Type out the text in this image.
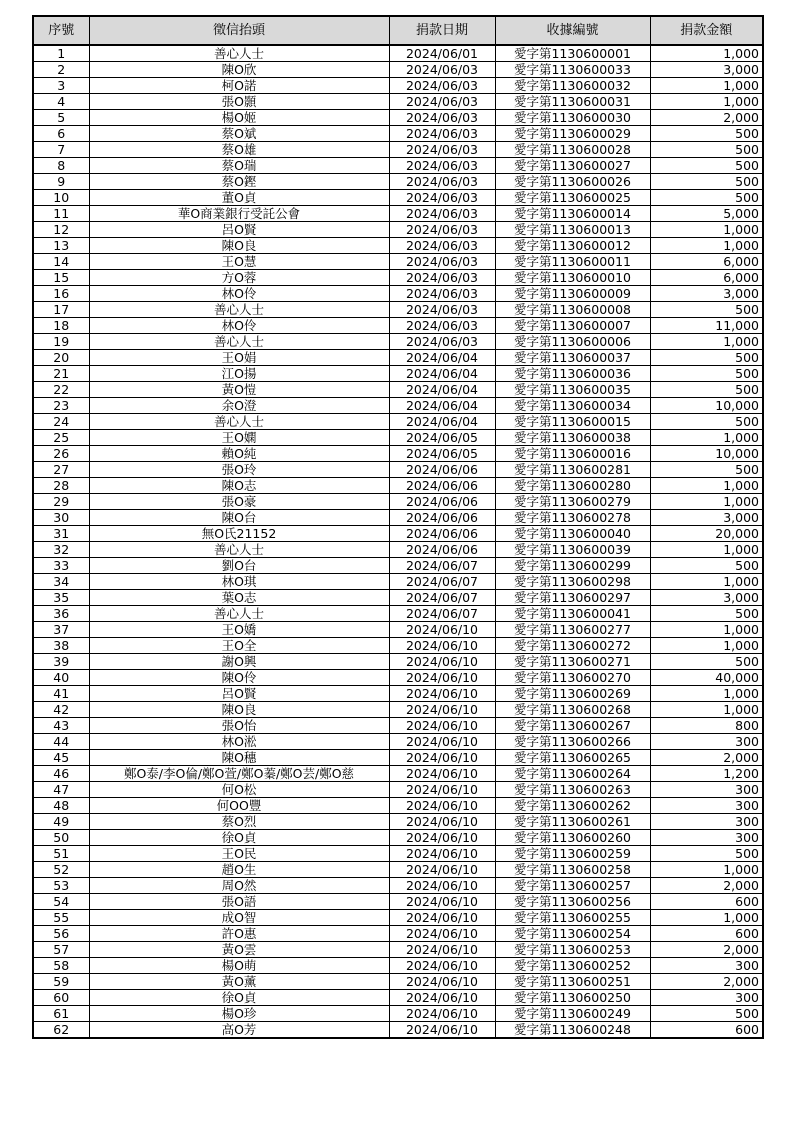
序號	徵信抬頭	捐款日期	收據編號	捐款金額
1	善心人士	2024/06/01	愛字第1130600001	1,000
2	陳O欣	2024/06/03	愛字第1130600033	3,000
3	柯O諾	2024/06/03	愛字第1130600032	1,000
4	張O顥	2024/06/03	愛字第1130600031	1,000
5	楊O姬	2024/06/03	愛字第1130600030	2,000
6	蔡O斌	2024/06/03	愛字第1130600029	500
7	蔡O雄	2024/06/03	愛字第1130600028	500
8	蔡O瑞	2024/06/03	愛字第1130600027	500
9	蔡O鏗	2024/06/03	愛字第1130600026	500
10	董O貞	2024/06/03	愛字第1130600025	500
11	華O商業銀行受託公會	2024/06/03	愛字第1130600014	5,000
12	呂O賢	2024/06/03	愛字第1130600013	1,000
13	陳O良	2024/06/03	愛字第1130600012	1,000
14	王O慧	2024/06/03	愛字第1130600011	6,000
15	方O蓉	2024/06/03	愛字第1130600010	6,000
16	林O伶	2024/06/03	愛字第1130600009	3,000
17	善心人士	2024/06/03	愛字第1130600008	500
18	林O伶	2024/06/03	愛字第1130600007	11,000
19	善心人士	2024/06/03	愛字第1130600006	1,000
20	王O娟	2024/06/04	愛字第1130600037	500
21	江O揚	2024/06/04	愛字第1130600036	500
22	黃O愷	2024/06/04	愛字第1130600035	500
23	余O澄	2024/06/04	愛字第1130600034	10,000
24	善心人士	2024/06/04	愛字第1130600015	500
25	王O嫻	2024/06/05	愛字第1130600038	1,000
26	賴O純	2024/06/05	愛字第1130600016	10,000
27	張O玲	2024/06/06	愛字第1130600281	500
28	陳O志	2024/06/06	愛字第1130600280	1,000
29	張O豪	2024/06/06	愛字第1130600279	1,000
30	陳O台	2024/06/06	愛字第1130600278	3,000
31	無O氏21152	2024/06/06	愛字第1130600040	20,000
32	善心人士	2024/06/06	愛字第1130600039	1,000
33	劉O台	2024/06/07	愛字第1130600299	500
34	林O琪	2024/06/07	愛字第1130600298	1,000
35	葉O志	2024/06/07	愛字第1130600297	3,000
36	善心人士	2024/06/07	愛字第1130600041	500
37	王O嬌	2024/06/10	愛字第1130600277	1,000
38	王O全	2024/06/10	愛字第1130600272	1,000
39	謝O興	2024/06/10	愛字第1130600271	500
40	陳O伶	2024/06/10	愛字第1130600270	40,000
41	呂O賢	2024/06/10	愛字第1130600269	1,000
42	陳O良	2024/06/10	愛字第1130600268	1,000
43	張O怡	2024/06/10	愛字第1130600267	800
44	林O淞	2024/06/10	愛字第1130600266	300
45	陳O穗	2024/06/10	愛字第1130600265	2,000
46	鄭O泰/李O倫/鄭O萱/鄭O蓁/鄭O芸/鄭O慈	2024/06/10	愛字第1130600264	1,200
47	何O松	2024/06/10	愛字第1130600263	300
48	何OO豐	2024/06/10	愛字第1130600262	300
49	蔡O烈	2024/06/10	愛字第1130600261	300
50	徐O貞	2024/06/10	愛字第1130600260	300
51	王O民	2024/06/10	愛字第1130600259	500
52	趙O生	2024/06/10	愛字第1130600258	1,000
53	周O然	2024/06/10	愛字第1130600257	2,000
54	張O語	2024/06/10	愛字第1130600256	600
55	成O智	2024/06/10	愛字第1130600255	1,000
56	許O惠	2024/06/10	愛字第1130600254	600
57	黃O雲	2024/06/10	愛字第1130600253	2,000
58	楊O萌	2024/06/10	愛字第1130600252	300
59	黃O薰	2024/06/10	愛字第1130600251	2,000
60	徐O貞	2024/06/10	愛字第1130600250	300
61	楊O珍	2024/06/10	愛字第1130600249	500
62	高O芳	2024/06/10	愛字第1130600248	600
